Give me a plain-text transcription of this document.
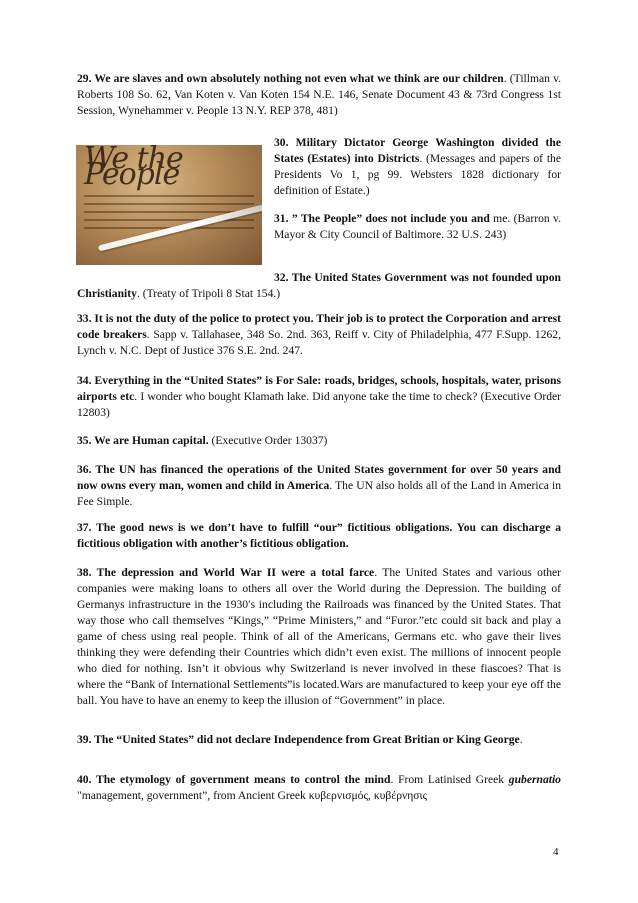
29. We are slaves and own absolutely nothing not even what we think are our children. (Tillman v. Roberts 108 So. 62, Van Koten v. Van Koten 154 N.E. 146, Senate Document 43 & 73rd Congress 1st Session, Wynehammer v. People 13 N.Y. REP 378, 481)

We the People

30. Military Dictator George Washington divided the States (Estates) into Districts. (Messages and papers of the Presidents Vo 1, pg 99. Websters 1828 dictionary for definition of Estate.)

31. ” The People” does not include you and me. (Barron v. Mayor & City Council of Baltimore. 32 U.S. 243)

32. The United States Government was not founded upon Christianity. (Treaty of Tripoli 8 Stat 154.)

33. It is not the duty of the police to protect you. Their job is to protect the Corporation and arrest code breakers. Sapp v. Tallahasee, 348 So. 2nd. 363, Reiff v. City of Philadelphia, 477 F.Supp. 1262, Lynch v. N.C. Dept of Justice 376 S.E. 2nd. 247.

34. Everything in the “United States” is For Sale: roads, bridges, schools, hospitals, water, prisons airports etc. I wonder who bought Klamath lake. Did anyone take the time to check? (Executive Order 12803)

35. We are Human capital. (Executive Order 13037)

36. The UN has financed the operations of the United States government for over 50 years and now owns every man, women and child in America. The UN also holds all of the Land in America in Fee Simple.

37. The good news is we don’t have to fulfill “our” fictitious obligations. You can discharge a fictitious obligation with another’s fictitious obligation.

38. The depression and World War II were a total farce. The United States and various other companies were making loans to others all over the World during the Depression. The building of Germanys infrastructure in the 1930′s including the Railroads was financed by the United States. That way those who call themselves “Kings,” “Prime Ministers,” and “Furor.”etc could sit back and play a game of chess using real people. Think of all of the Americans, Germans etc. who gave their lives thinking they were defending their Countries which didn’t even exist. The millions of innocent people who died for nothing. Isn’t it obvious why Switzerland is never involved in these fiascoes? That is where the “Bank of International Settlements”is located.Wars are manufactured to keep your eye off the ball. You have to have an enemy to keep the illusion of “Government” in place.

39. The “United States” did not declare Independence from Great Britian or King George.

40. The etymology of government means to control the mind. From Latinised Greek gubernatio "management, government”, from Ancient Greek κυβερνισμός, κυβέρνησις

4
